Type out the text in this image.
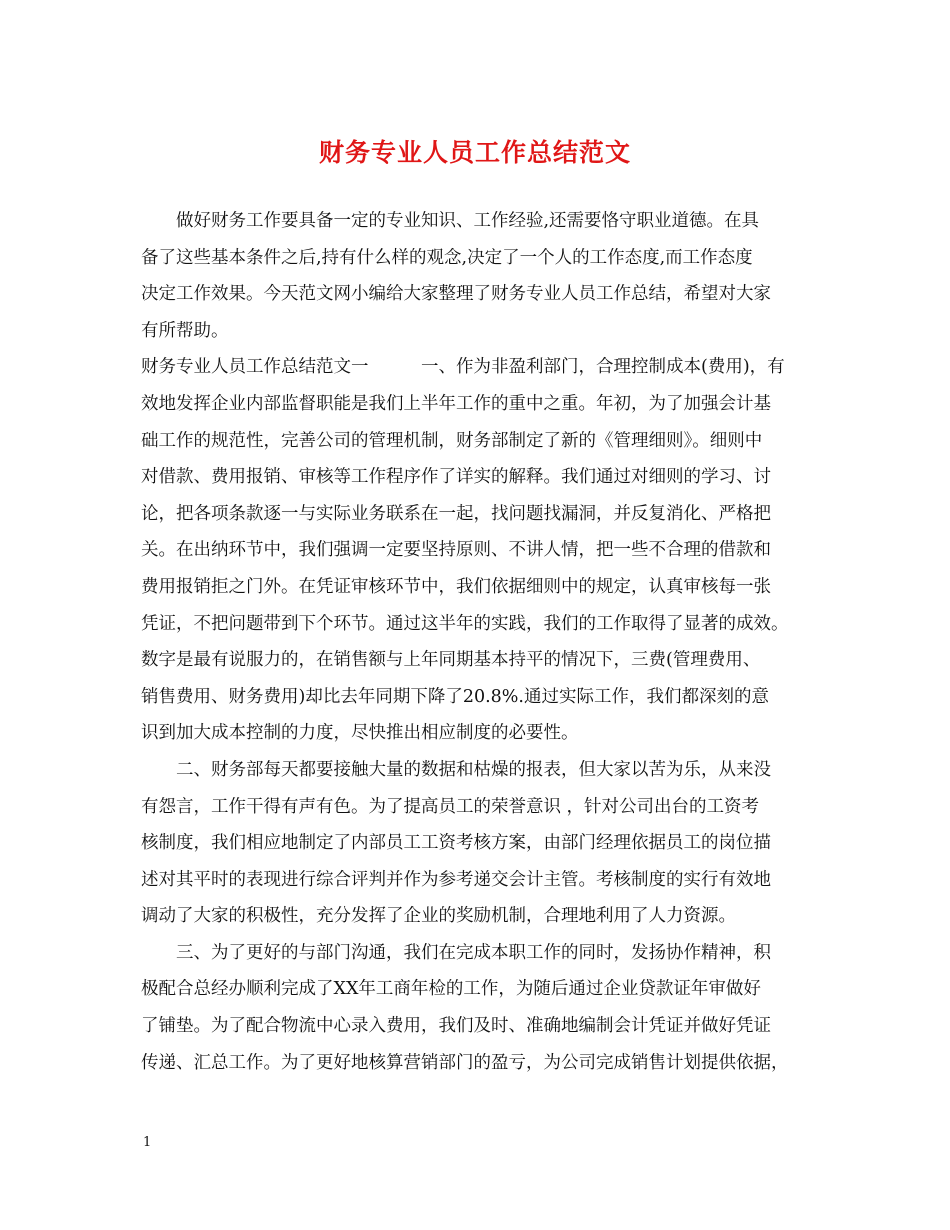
财务专业人员工作总结范文
　　做好财务工作要具备一定的专业知识、工作经验,还需要恪守职业道德。在具
备了这些基本条件之后,持有什么样的观念,决定了一个人的工作态度,而工作态度
决定工作效果。今天范文网小编给大家整理了财务专业人员工作总结，希望对大家
有所帮助。
财务专业人员工作总结范文一　　　一、作为非盈利部门，合理控制成本(费用)，有
效地发挥企业内部监督职能是我们上半年工作的重中之重。年初，为了加强会计基
础工作的规范性，完善公司的管理机制，财务部制定了新的《管理细则》。细则中
对借款、费用报销、审核等工作程序作了详实的解释。我们通过对细则的学习、讨
论，把各项条款逐一与实际业务联系在一起，找问题找漏洞，并反复消化、严格把
关。在出纳环节中，我们强调一定要坚持原则、不讲人情，把一些不合理的借款和
费用报销拒之门外。在凭证审核环节中，我们依据细则中的规定，认真审核每一张
凭证，不把问题带到下个环节。通过这半年的实践，我们的工作取得了显著的成效。
数字是最有说服力的，在销售额与上年同期基本持平的情况下，三费(管理费用、
销售费用、财务费用)却比去年同期下降了20.8%.通过实际工作，我们都深刻的意
识到加大成本控制的力度，尽快推出相应制度的必要性。
　　二、财务部每天都要接触大量的数据和枯燥的报表，但大家以苦为乐，从来没
有怨言，工作干得有声有色。为了提高员工的荣誉意识 ，针对公司出台的工资考
核制度，我们相应地制定了内部员工工资考核方案，由部门经理依据员工的岗位描
述对其平时的表现进行综合评判并作为参考递交会计主管。考核制度的实行有效地
调动了大家的积极性，充分发挥了企业的奖励机制，合理地利用了人力资源。
　　三、为了更好的与部门沟通，我们在完成本职工作的同时，发扬协作精神，积
极配合总经办顺利完成了XX年工商年检的工作，为随后通过企业贷款证年审做好
了铺垫。为了配合物流中心录入费用，我们及时、准确地编制会计凭证并做好凭证
传递、汇总工作。为了更好地核算营销部门的盈亏，为公司完成销售计划提供依据，
1
